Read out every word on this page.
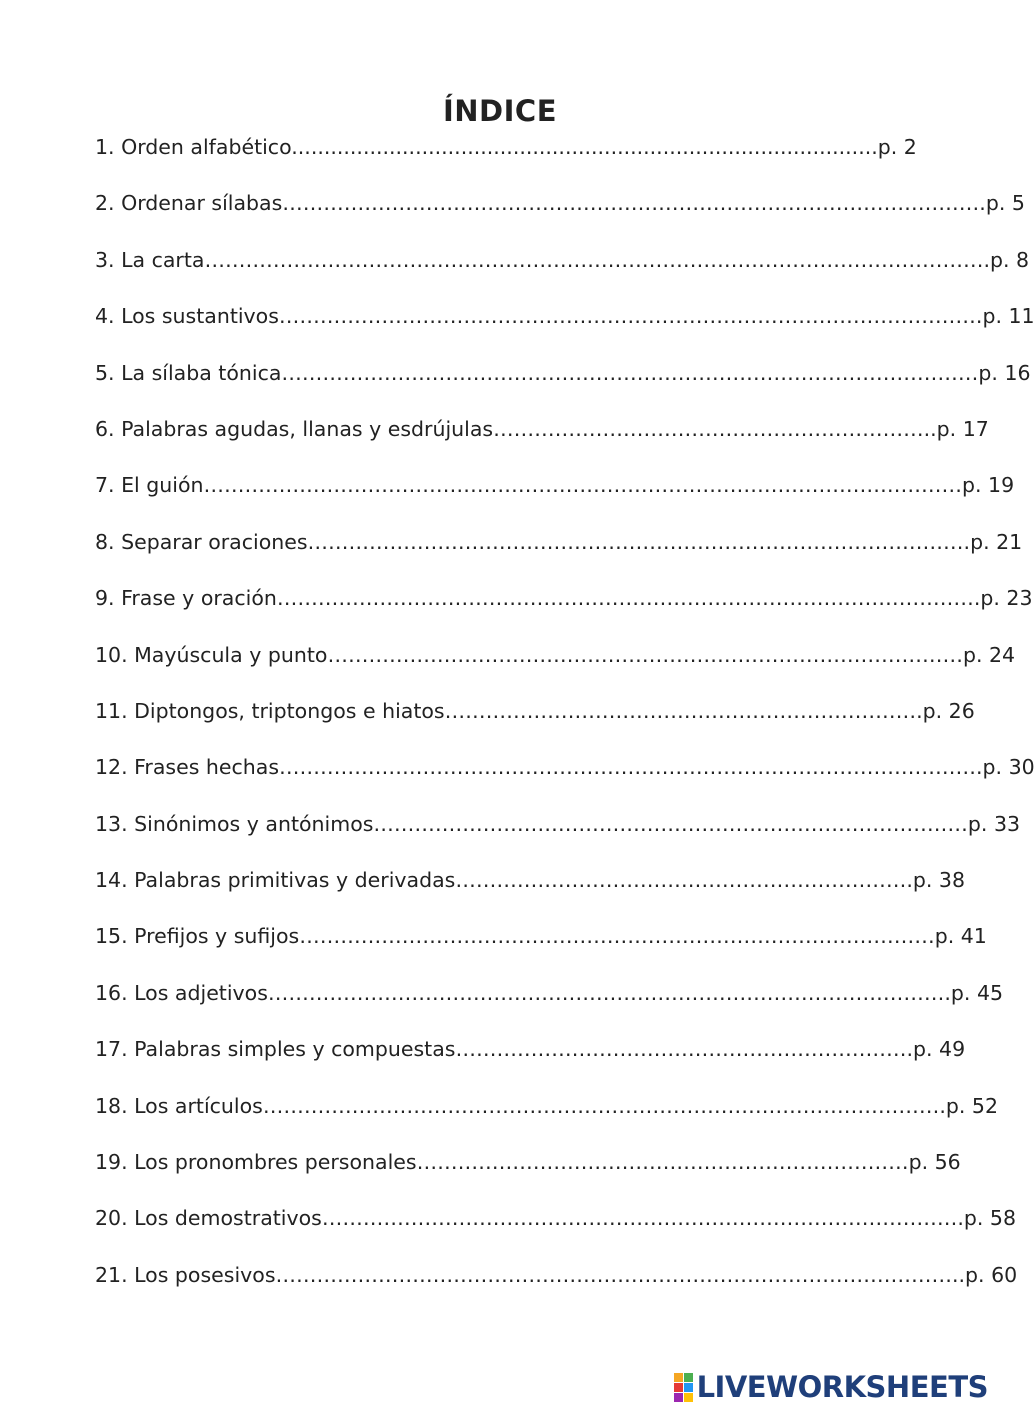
ÍNDICE
1. Orden alfabético..........................................................................................p. 2
2. Ordenar sílabas………………………………………………………………………………………….p. 5
3. La carta…………………………………………………………………………………………………….p. 8
4. Los sustantivos………………………………………………………………………………………….p. 11
5. La sílaba tónica…………………………………………………………………………………………p. 16
6. Palabras agudas, llanas y esdrújulas………………………………………………………..p. 17
7. El guión…………………………………………………………………………………………………p. 19
8. Separar oraciones…………………………………………………………………………………….p. 21
9. Frase y oración………………………………………………………………………………………….p. 23
10. Mayúscula y punto…………………………………………………………………………………p. 24
11. Diptongos, triptongos e hiatos…………………………………………………………….p. 26
12. Frases hechas………………………………………………………………………………………….p. 30
13. Sinónimos y antónimos……………………………………………………………………………p. 33
14. Palabras primitivas y derivadas………………………………………………………….p. 38
15. Prefijos y sufijos…………………………………………………………………………………p. 41
16. Los adjetivos……………………………………………………………………………………….p. 45
17. Palabras simples y compuestas………………………………………………………….p. 49
18. Los artículos……………………………………………………………………………………….p. 52
19. Los pronombres personales………………………………………………………………p. 56
20. Los demostrativos………………………………………………………………………………….p. 58
21. Los posesivos………………………………………………………………………………………..p. 60
LIVEWORKSHEETS
